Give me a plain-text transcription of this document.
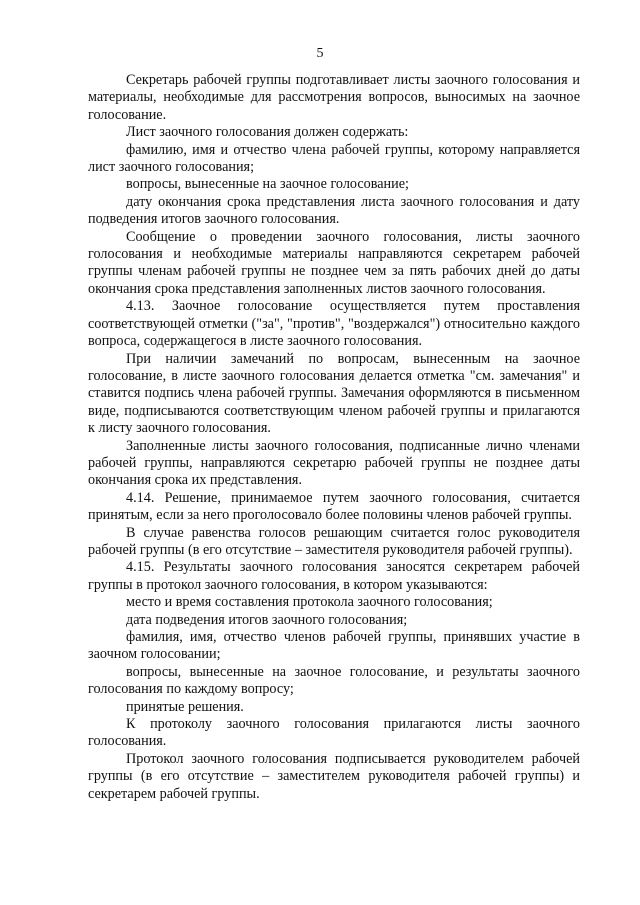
5

Секретарь рабочей группы подготавливает листы заочного голосования и материалы, необходимые для рассмотрения вопросов, выносимых на заочное голосование.

Лист заочного голосования должен содержать:

фамилию, имя и отчество члена рабочей группы, которому направляется лист заочного голосования;

вопросы, вынесенные на заочное голосование;

дату окончания срока представления листа заочного голосования и дату подведения итогов заочного голосования.

Сообщение о проведении заочного голосования, листы заочного голосования и необходимые материалы направляются секретарем рабочей группы членам рабочей группы не позднее чем за пять рабочих дней до даты окончания срока представления заполненных листов заочного голосования.

4.13. Заочное голосование осуществляется путем проставления соответствующей отметки ("за", "против", "воздержался") относительно каждого вопроса, содержащегося в листе заочного голосования.

При наличии замечаний по вопросам, вынесенным на заочное голосование, в листе заочного голосования делается отметка "см. замечания" и ставится подпись члена рабочей группы. Замечания оформляются в письменном виде, подписываются соответствующим членом рабочей группы и прилагаются к листу заочного голосования.

Заполненные листы заочного голосования, подписанные лично членами рабочей группы, направляются секретарю рабочей группы не позднее даты окончания срока их представления.

4.14. Решение, принимаемое путем заочного голосования, считается принятым, если за него проголосовало более половины членов рабочей группы.

В случае равенства голосов решающим считается голос руководителя рабочей группы (в его отсутствие – заместителя руководителя рабочей группы).

4.15. Результаты заочного голосования заносятся секретарем рабочей группы в протокол заочного голосования, в котором указываются:

место и время составления протокола заочного голосования;

дата подведения итогов заочного голосования;

фамилия, имя, отчество членов рабочей группы, принявших участие в заочном голосовании;

вопросы, вынесенные на заочное голосование, и результаты заочного голосования по каждому вопросу;

принятые решения.

К протоколу заочного голосования прилагаются листы заочного голосования.

Протокол заочного голосования подписывается руководителем рабочей группы (в его отсутствие – заместителем руководителя рабочей группы) и секретарем рабочей группы.
